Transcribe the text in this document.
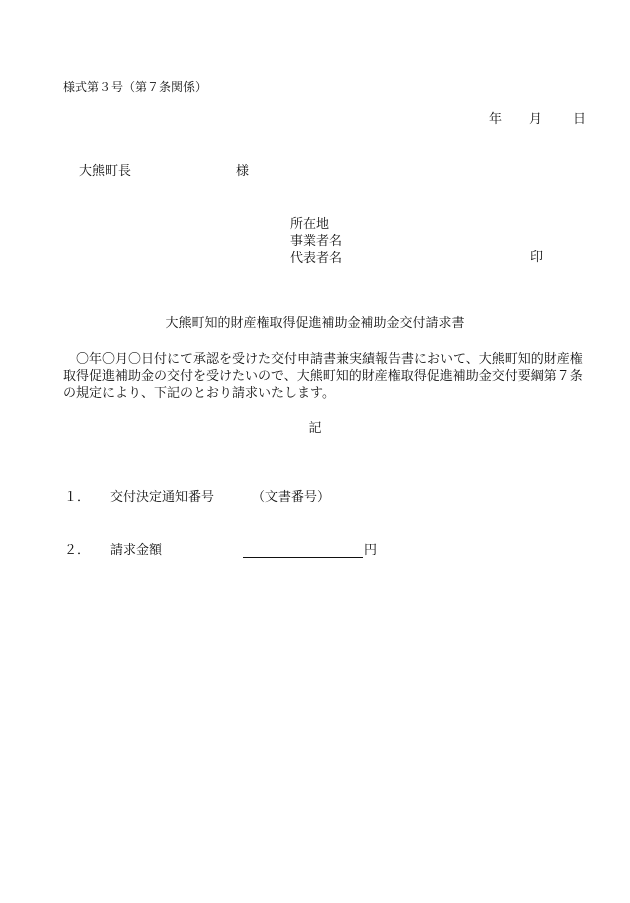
様式第３号（第７条関係）
年 月 日
大熊町長	様
所在地
事業者名
代表者名	印
大熊町知的財産権取得促進補助金補助金交付請求書
〇年〇月〇日付にて承認を受けた交付申請書兼実績報告書において、大熊町知的財産権取得促進補助金の交付を受けたいので、大熊町知的財産権取得促進補助金交付要綱第７条の規定により、下記のとおり請求いたします。
記
１． 交付決定通知番号	（文書番号）
２． 請求金額	円
